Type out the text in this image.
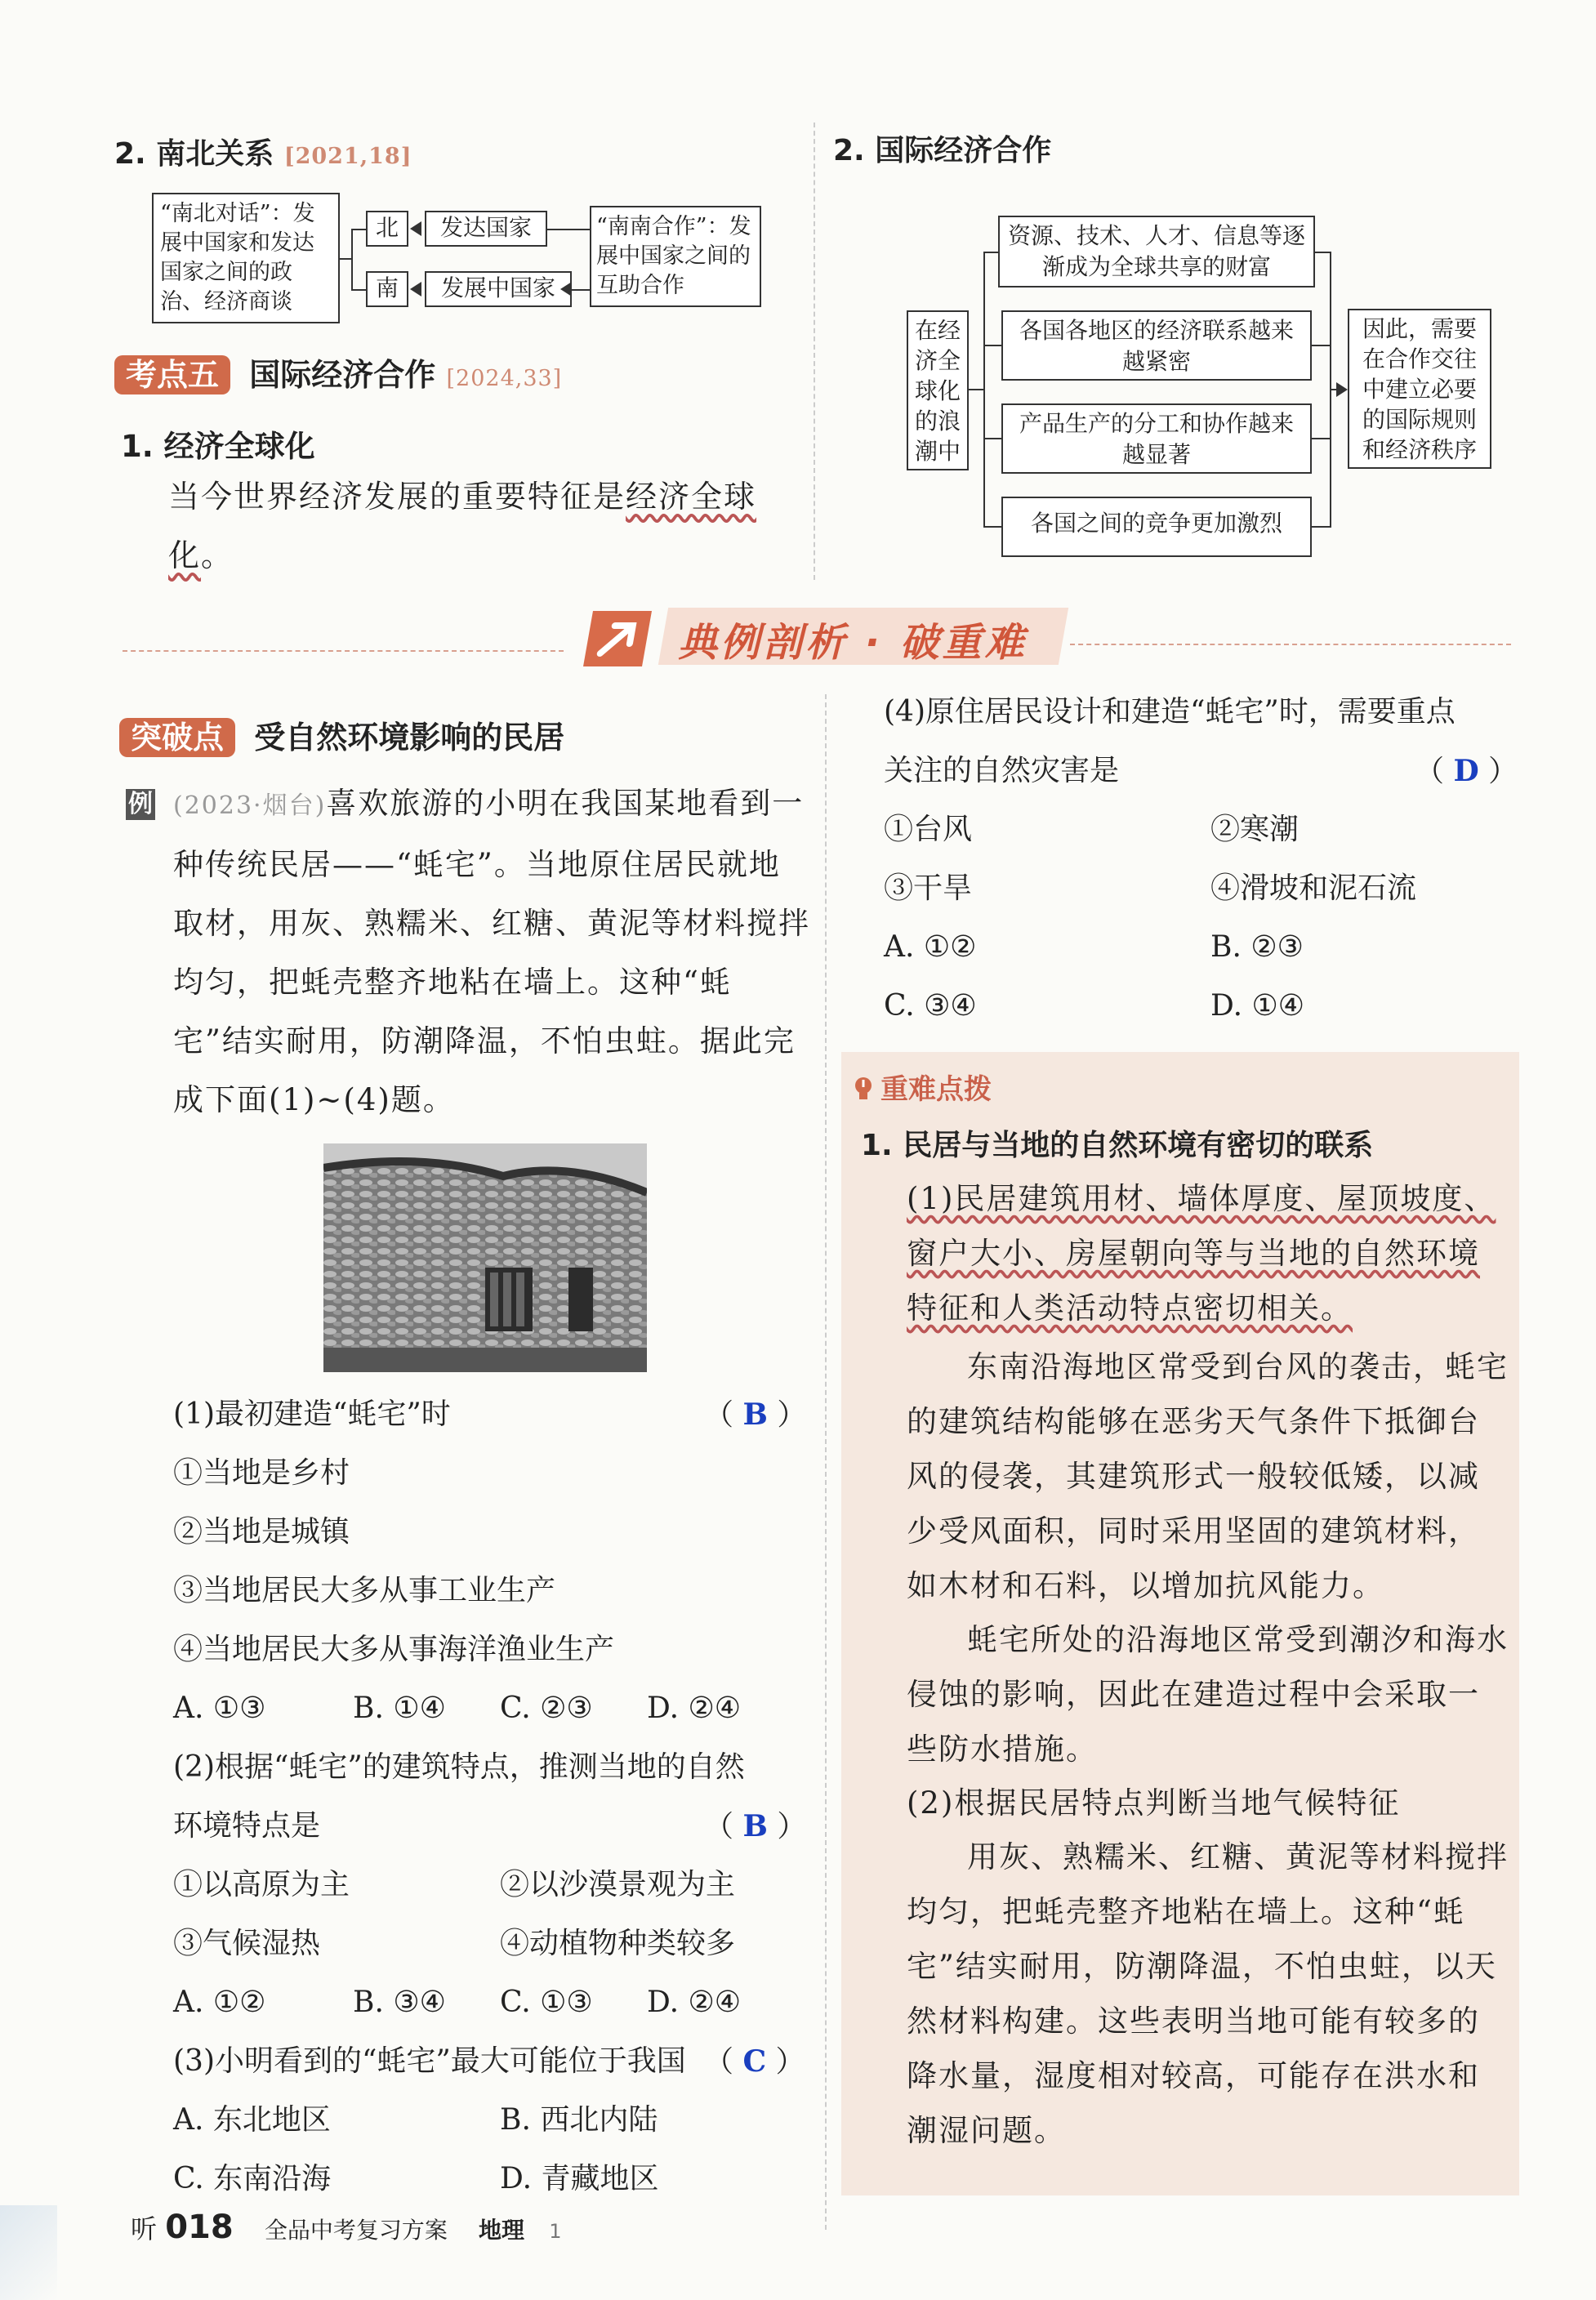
2. 南北关系 [2021,18]
“南北对话”：发展中国家和发达国家之间的政治、经济商谈
北
南
发达国家
发展中国家
“南南合作”：发展中国家之间的互助合作
考点五 国际经济合作 [2024,33]
1. 经济全球化
当今世界经济发展的重要特征是经济全球化。
2. 国际经济合作
在经济全球化的浪潮中
资源、技术、人才、信息等逐渐成为全球共享的财富
各国各地区的经济联系越来越紧密
产品生产的分工和协作越来越显著
各国之间的竞争更加激烈
因此，需要在合作交往中建立必要的国际规则和经济秩序
典例剖析 · 破重难
突破点 受自然环境影响的民居
例 (2023·烟台)喜欢旅游的小明在我国某地看到一种传统民居——“蚝宅”。当地原住居民就地取材，用灰、熟糯米、红糖、黄泥等材料搅拌均匀，把蚝壳整齐地粘在墙上。这种“蚝宅”结实耐用，防潮降温，不怕虫蛀。据此完成下面(1)~(4)题。
(1)最初建造“蚝宅”时	（ B ）
①当地是乡村
②当地是城镇
③当地居民大多从事工业生产
④当地居民大多从事海洋渔业生产
A. ①③	B. ①④	C. ②③	D. ②④
(2)根据“蚝宅”的建筑特点，推测当地的自然
环境特点是	（ B ）
①以高原为主	②以沙漠景观为主
③气候湿热	④动植物种类较多
A. ①②	B. ③④	C. ①③	D. ②④
(3)小明看到的“蚝宅”最大可能位于我国 （ C ）
A. 东北地区	B. 西北内陆
C. 东南沿海	D. 青藏地区
(4)原住居民设计和建造“蚝宅”时，需要重点
关注的自然灾害是	（ D ）
①台风	②寒潮
③干旱	④滑坡和泥石流
A. ①②	B. ②③
C. ③④	D. ①④
重难点拨
1. 民居与当地的自然环境有密切的联系
(1)民居建筑用材、墙体厚度、屋顶坡度、窗户大小、房屋朝向等与当地的自然环境特征和人类活动特点密切相关。
东南沿海地区常受到台风的袭击，蚝宅的建筑结构能够在恶劣天气条件下抵御台风的侵袭，其建筑形式一般较低矮，以减少受风面积，同时采用坚固的建筑材料，如木材和石料，以增加抗风能力。
蚝宅所处的沿海地区常受到潮汐和海水侵蚀的影响，因此在建造过程中会采取一些防水措施。
(2)根据民居特点判断当地气候特征
用灰、熟糯米、红糖、黄泥等材料搅拌均匀，把蚝壳整齐地粘在墙上。这种“蚝宅”结实耐用，防潮降温，不怕虫蛀，以天然材料构建。这些表明当地可能有较多的降水量，湿度相对较高，可能存在洪水和潮湿问题。
听 018 全品中考复习方案 地理 1
